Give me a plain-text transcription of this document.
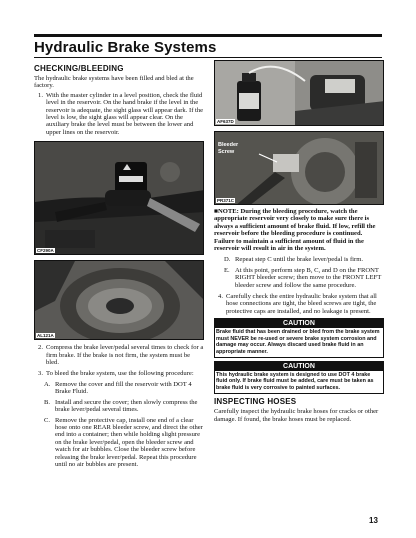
Hydraulic Brake Systems
CHECKING/BLEEDING
The hydraulic brake systems have been filled and bled at the factory.
1. With the master cylinder in a level position, check the fluid level in the reservoir. On the hand brake if the level in the reservoir is adequate, the sight glass will appear dark. If the level is low, the sight glass will appear clear. On the auxiliary brake the level must be between the lower and upper lines on the reservoir.
CF290A
AL121A
2. Compress the brake lever/pedal several times to check for a firm brake. If the brake is not firm, the system must be bled.
3. To bleed the brake system, use the following procedure:
A. Remove the cover and fill the reservoir with DOT 4 Brake Fluid.
B. Install and secure the cover; then slowly compress the brake lever/pedal several times.
C. Remove the protective cap, install one end of a clear hose onto one REAR bleeder screw, and direct the other end into a container; then while holding slight pressure on the brake lever/pedal, open the bleeder screw and watch for air bubbles. Close the bleeder screw before releasing the brake lever/pedal. Repeat this procedure until no air bubbles are present.
AF637D
Bleeder Screw
PR371C
■NOTE: During the bleeding procedure, watch the appropriate reservoir very closely to make sure there is always a sufficient amount of brake fluid. If low, refill the reservoir before the bleeding procedure is continued. Failure to maintain a sufficient amount of fluid in the reservoir will result in air in the system.
D. Repeat step C until the brake lever/pedal is firm.
E. At this point, perform step B, C, and D on the FRONT RIGHT bleeder screw; then move to the FRONT LEFT bleeder screw and follow the same procedure.
4. Carefully check the entire hydraulic brake system that all hose connections are tight, the bleed screws are tight, the protective caps are installed, and no leakage is present.
CAUTION
Brake fluid that has been drained or bled from the brake system must NEVER be re-used or severe brake system corrosion and damage may occur. Always discard used brake fluid in an appropriate manner.
CAUTION
This hydraulic brake system is designed to use DOT 4 brake fluid only. If brake fluid must be added, care must be taken as brake fluid is very corrosive to painted surfaces.
INSPECTING HOSES
Carefully inspect the hydraulic brake hoses for cracks or other damage. If found, the brake hoses must be replaced.
13
